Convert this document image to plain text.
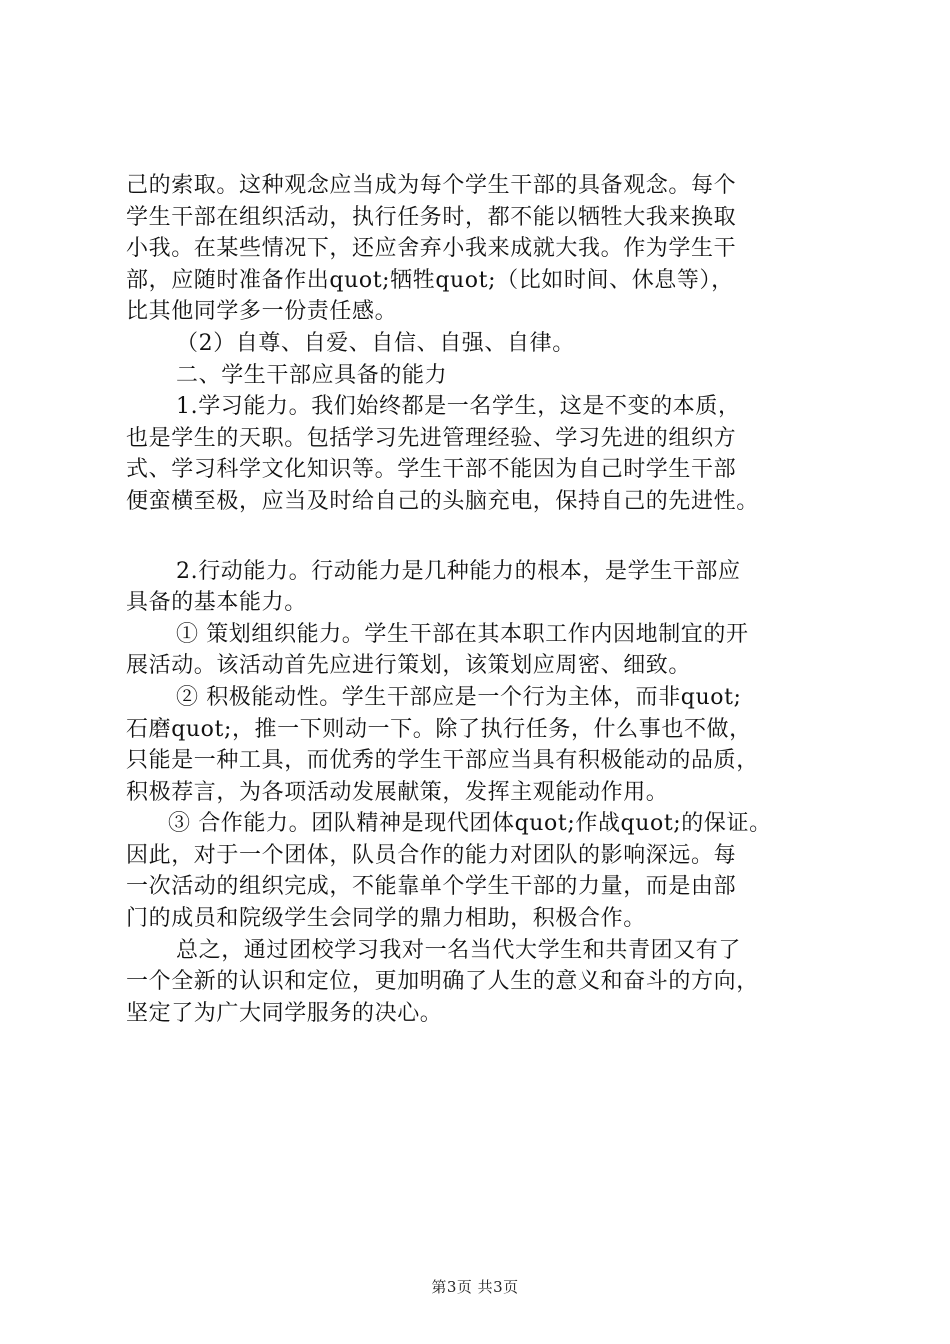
己的索取。这种观念应当成为每个学生干部的具备观念。每个
学生干部在组织活动，执行任务时，都不能以牺牲大我来换取
小我。在某些情况下，还应舍弃小我来成就大我。作为学生干
部，应随时准备作出quot;牺牲quot;（比如时间、休息等），
比其他同学多一份责任感。
（2）自尊、自爱、自信、自强、自律。
二、学生干部应具备的能力
1.学习能力。我们始终都是一名学生，这是不变的本质，
也是学生的天职。包括学习先进管理经验、学习先进的组织方
式、学习科学文化知识等。学生干部不能因为自己时学生干部
便蛮横至极，应当及时给自己的头脑充电，保持自己的先进性。
2.行动能力。行动能力是几种能力的根本，是学生干部应
具备的基本能力。
① 策划组织能力。学生干部在其本职工作内因地制宜的开
展活动。该活动首先应进行策划，该策划应周密、细致。
② 积极能动性。学生干部应是一个行为主体，而非quot;
石磨quot;，推一下则动一下。除了执行任务，什么事也不做，
只能是一种工具，而优秀的学生干部应当具有积极能动的品质，
积极荐言，为各项活动发展献策，发挥主观能动作用。
③ 合作能力。团队精神是现代团体quot;作战quot;的保证。
因此，对于一个团体，队员合作的能力对团队的影响深远。每
一次活动的组织完成，不能靠单个学生干部的力量，而是由部
门的成员和院级学生会同学的鼎力相助，积极合作。
总之，通过团校学习我对一名当代大学生和共青团又有了
一个全新的认识和定位，更加明确了人生的意义和奋斗的方向，
坚定了为广大同学服务的决心。
第3页 共3页
